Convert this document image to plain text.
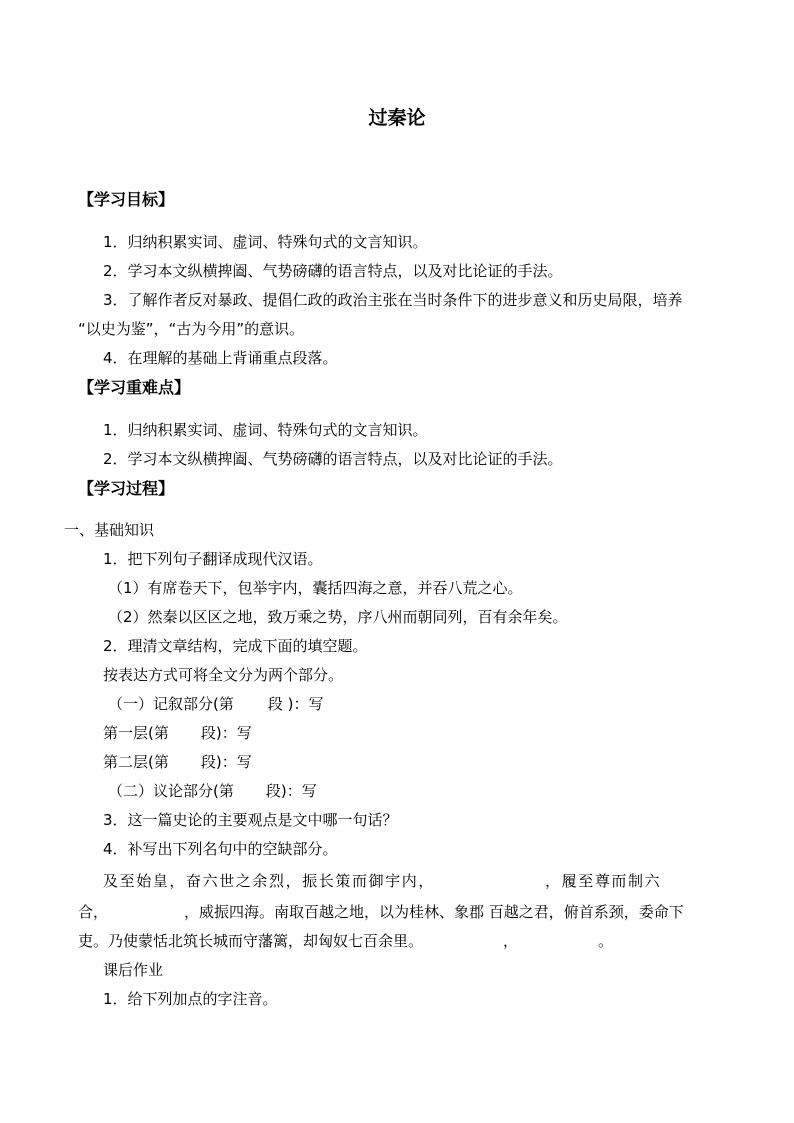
过秦论
【学习目标】
1．归纳积累实词、虚词、特殊句式的文言知识。
2．学习本文纵横捭阖、气势磅礴的语言特点，以及对比论证的手法。
3．了解作者反对暴政、提倡仁政的政治主张在当时条件下的进步意义和历史局限，培养
“以史为鉴”，“古为今用”的意识。
4．在理解的基础上背诵重点段落。
【学习重难点】
1．归纳积累实词、虚词、特殊句式的文言知识。
2．学习本文纵横捭阖、气势磅礴的语言特点，以及对比论证的手法。
【学习过程】
一、基础知识
1．把下列句子翻译成现代汉语。
（1）有席卷天下，包举宇内，囊括四海之意，并吞八荒之心。
（2）然秦以区区之地，致万乘之势，序八州而朝同列，百有余年矣。
2．理清文章结构，完成下面的填空题。
按表达方式可将全文分为两个部分。
（一）记叙部分(第 段 )：写
第一层(第 段)：写
第二层(第 段)：写
（二）议论部分(第 段)：写
3．这一篇史论的主要观点是文中哪一句话？
4．补写出下列名句中的空缺部分。
及至始皇，奋六世之余烈，振长策而御宇内，	，履至尊而制六
合，	，威振四海。南取百越之地，以为桂林、象郡 百越之君，俯首系颈，委命下
吏。乃使蒙恬北筑长城而守藩篱，却匈奴七百余里。	，	。
课后作业
1．给下列加点的字注音。
